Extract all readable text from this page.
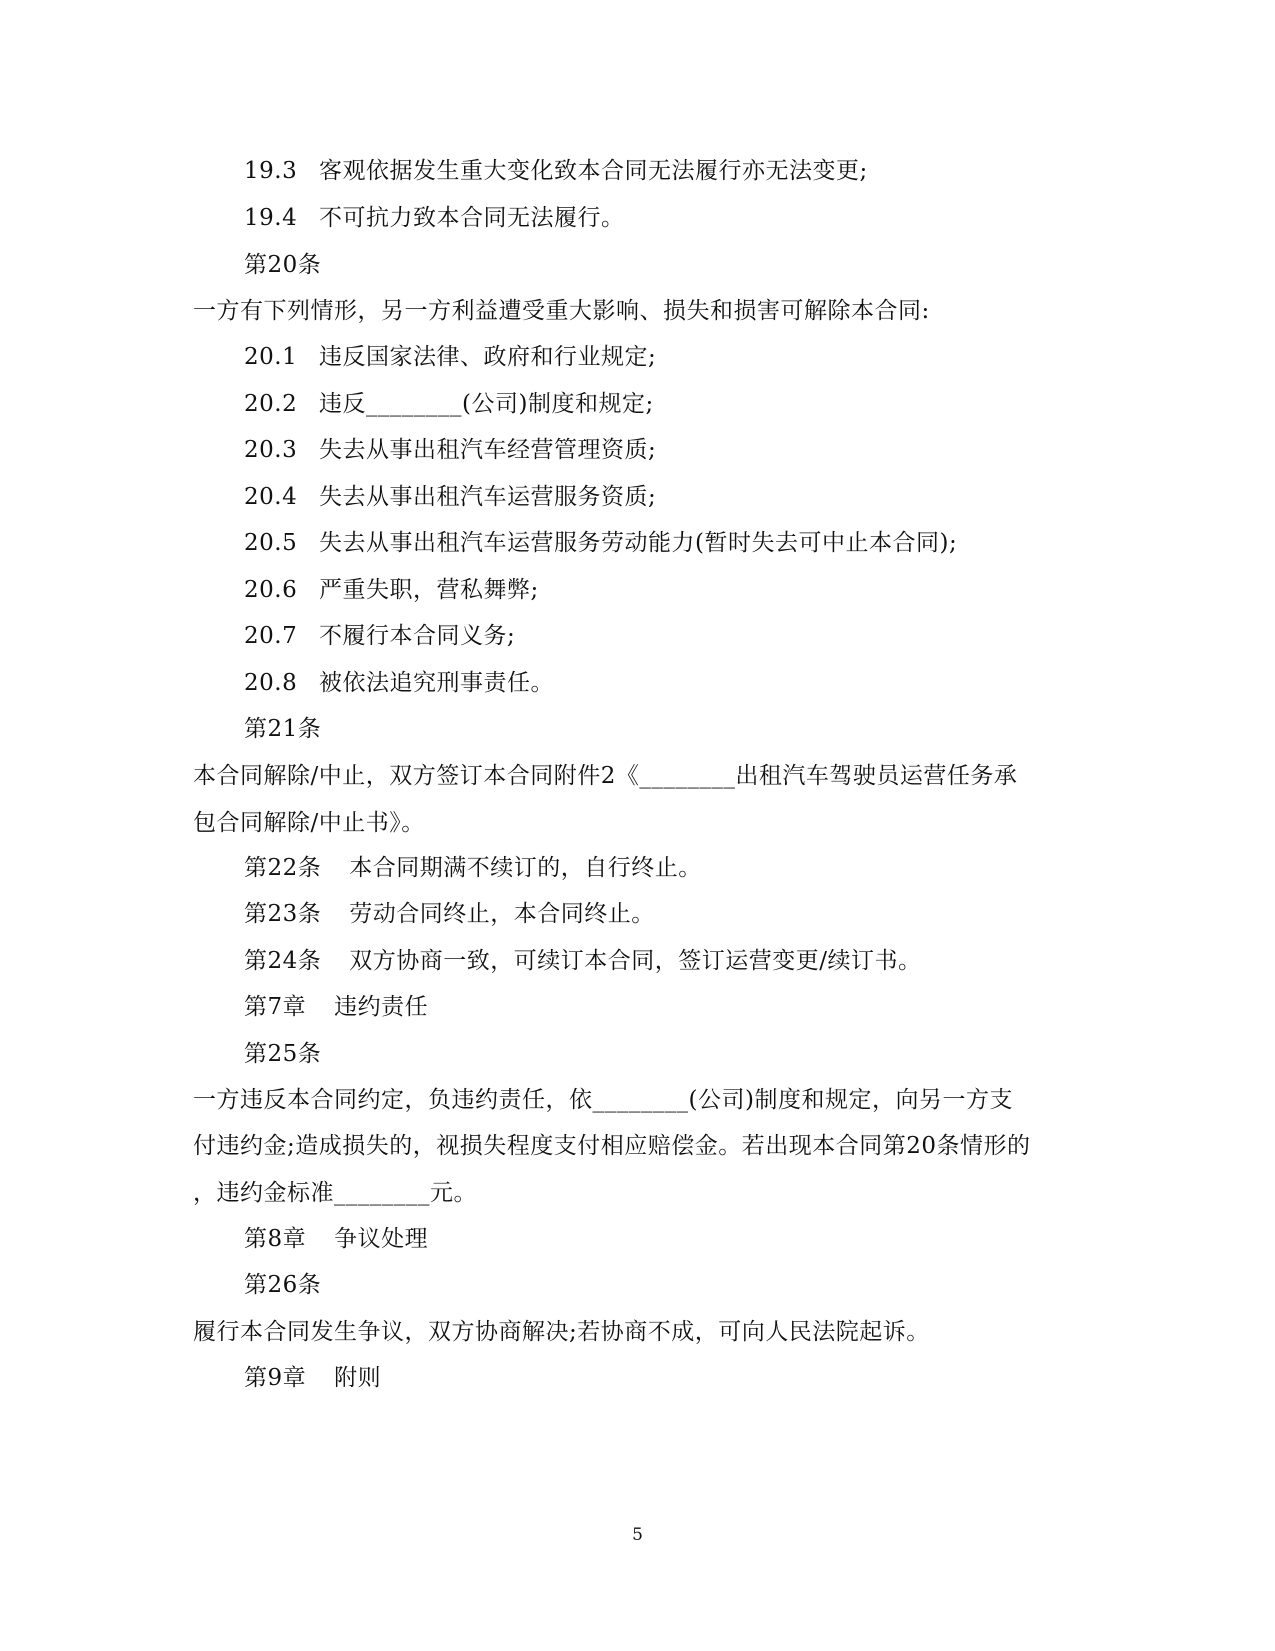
19.3 客观依据发生重大变化致本合同无法履行亦无法变更;
19.4 不可抗力致本合同无法履行。
第20条
一方有下列情形，另一方利益遭受重大影响、损失和损害可解除本合同:
20.1 违反国家法律、政府和行业规定;
20.2 违反________(公司)制度和规定;
20.3 失去从事出租汽车经营管理资质;
20.4 失去从事出租汽车运营服务资质;
20.5 失去从事出租汽车运营服务劳动能力(暂时失去可中止本合同);
20.6 严重失职，营私舞弊;
20.7 不履行本合同义务;
20.8 被依法追究刑事责任。
第21条
本合同解除/中止，双方签订本合同附件2《________出租汽车驾驶员运营任务承
包合同解除/中止书》。
第22条 本合同期满不续订的，自行终止。
第23条 劳动合同终止，本合同终止。
第24条 双方协商一致，可续订本合同，签订运营变更/续订书。
第7章 违约责任
第25条
一方违反本合同约定，负违约责任，依________(公司)制度和规定，向另一方支
付违约金;造成损失的，视损失程度支付相应赔偿金。若出现本合同第20条情形的
，违约金标准________元。
第8章 争议处理
第26条
履行本合同发生争议，双方协商解决;若协商不成，可向人民法院起诉。
第9章 附则
5
